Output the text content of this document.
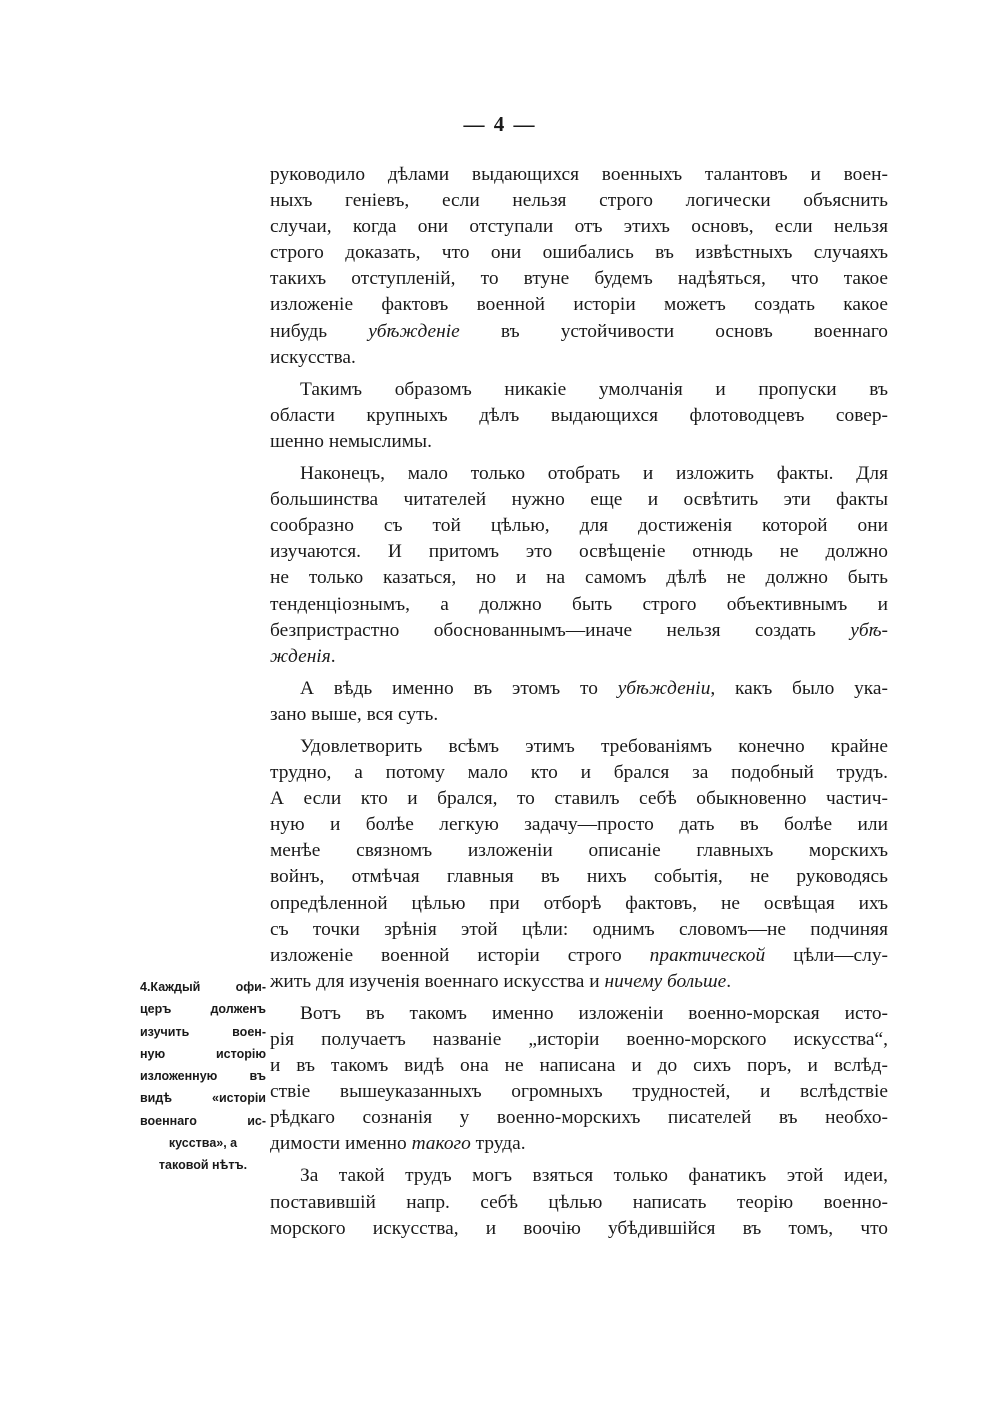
— 4 —
руководило дѣлами выдающихся военныхъ талантовъ и воен-
ныхъ геніевъ, если нельзя строго логически объяснить
случаи, когда они отступали отъ этихъ основъ, если нельзя
строго доказать, что они ошибались въ извѣстныхъ случаяхъ
такихъ отступленій, то втуне будемъ надѣяться, что такое
изложеніе фактовъ военной исторіи можетъ создать какое
нибудь убѣжденіе въ устойчивости основъ военнаго
искусства.
Такимъ образомъ никакіе умолчанія и пропуски въ
области крупныхъ дѣлъ выдающихся флотоводцевъ совер-
шенно немыслимы.
Наконецъ, мало только отобрать и изложить факты. Для
большинства читателей нужно еще и освѣтить эти факты
сообразно съ той цѣлью, для достиженія которой они
изучаются. И притомъ это освѣщеніе отнюдь не должно
не только казаться, но и на самомъ дѣлѣ не должно быть
тенденціознымъ, а должно быть строго объективнымъ и
безпристрастно обоснованнымъ—иначе нельзя создать убѣ-
жденія.
А вѣдь именно въ этомъ то убѣжденіи, какъ было ука-
зано выше, вся суть.
Удовлетворить всѣмъ этимъ требованіямъ конечно крайне
трудно, а потому мало кто и брался за подобный трудъ.
А если кто и брался, то ставилъ себѣ обыкновенно частич-
ную и болѣе легкую задачу—просто дать въ болѣе или
менѣе связномъ изложеніи описаніе главныхъ морскихъ
войнъ, отмѣчая главныя въ нихъ событія, не руководясь
опредѣленной цѣлью при отборѣ фактовъ, не освѣщая ихъ
съ точки зрѣнія этой цѣли: однимъ словомъ—не подчиняя
изложеніе военной исторіи строго практической цѣли—слу-
жить для изученія военнаго искусства и ничему больше.
Вотъ въ такомъ именно изложеніи военно-морская исто-
рія получаетъ названіе „исторіи военно-морского искусства“,
и въ такомъ видѣ она не написана и до сихъ поръ, и вслѣд-
ствіе вышеуказанныхъ огромныхъ трудностей, и вслѣдствіе
рѣдкаго сознанія у военно-морскихъ писателей въ необхо-
димости именно такого труда.
За такой трудъ могъ взяться только фанатикъ этой идеи,
поставившій напр. себѣ цѣлью написать теорію военно-
морского искусства, и воочію убѣдившійся въ томъ, что
4.Каждый офи-
церъ долженъ
изучить воен-
ную исторію
изложенную въ
видѣ «исторіи
военнаго ис-
кусства», а
таковой нѣтъ.
